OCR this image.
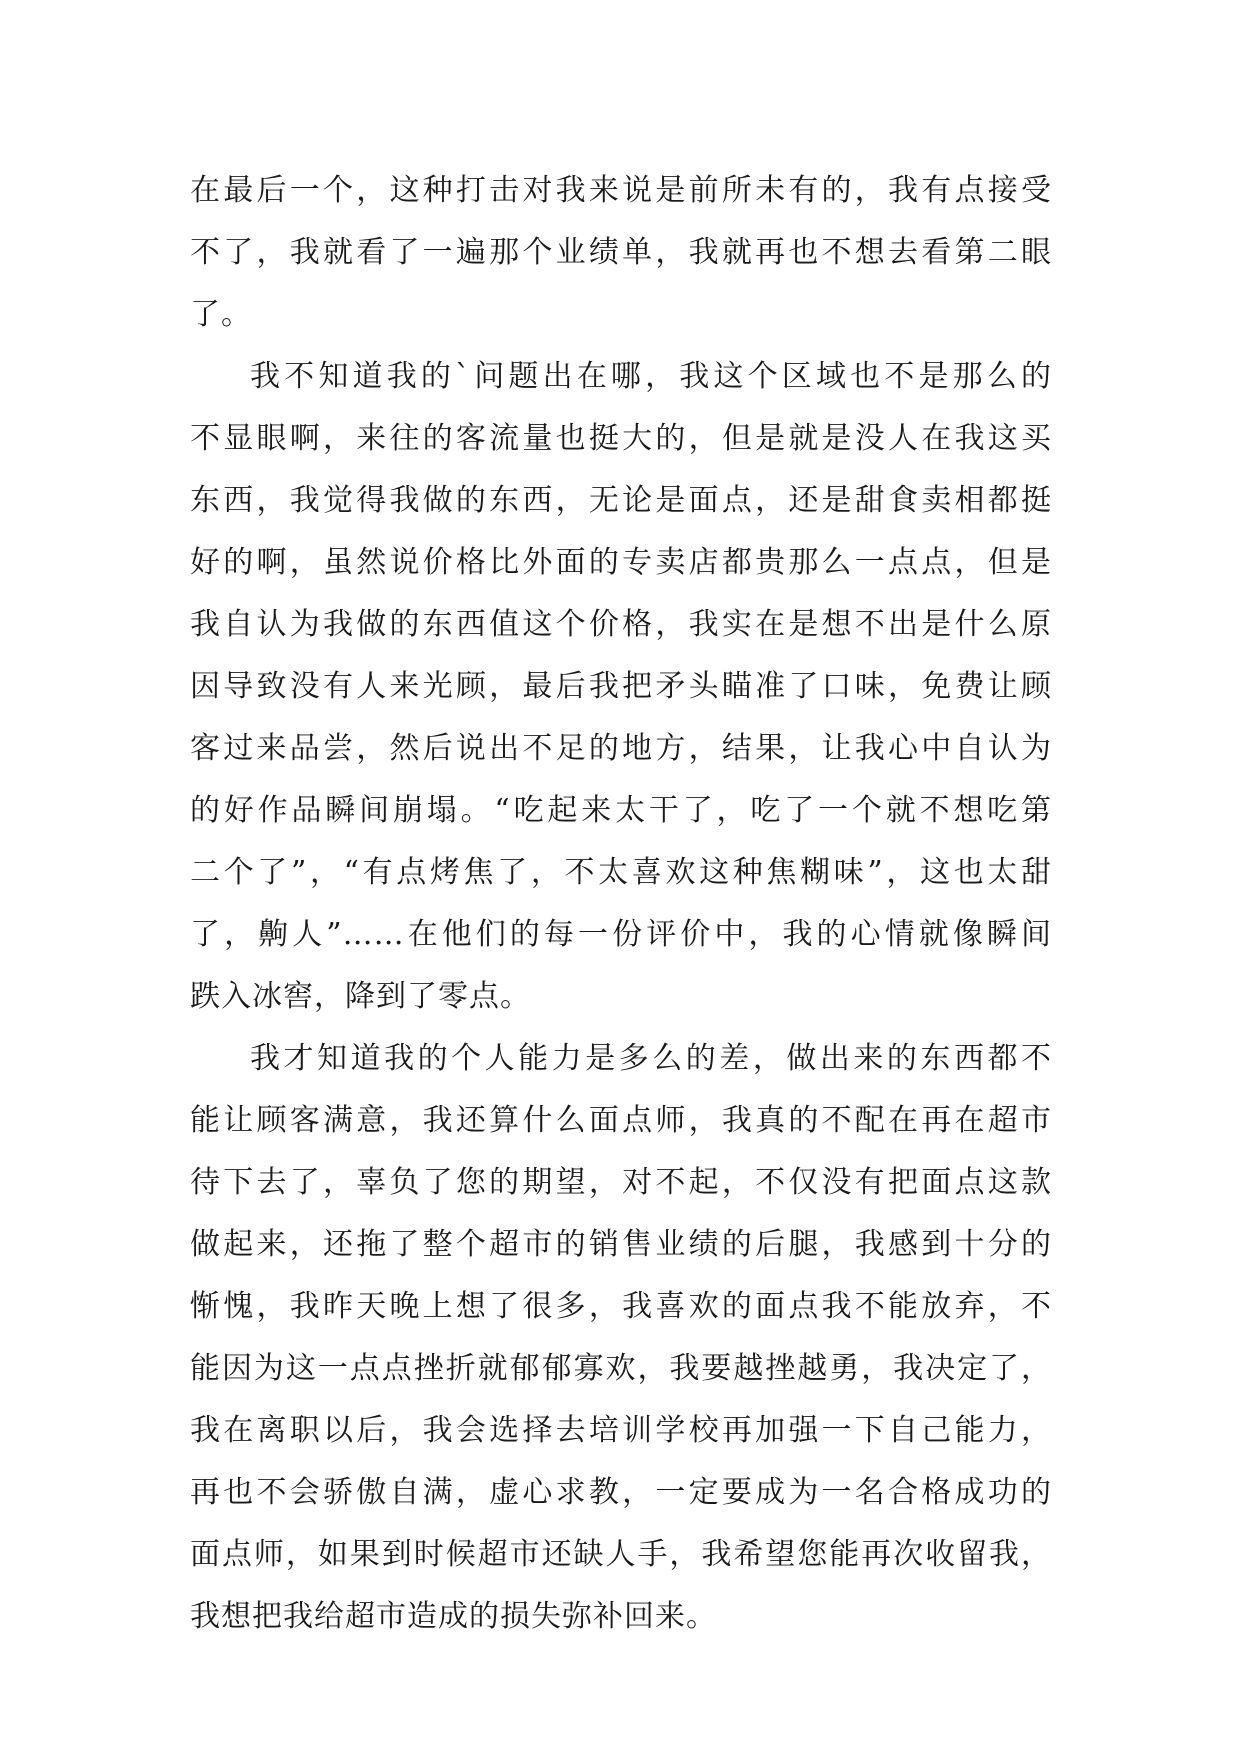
在最后一个，这种打击对我来说是前所未有的，我有点接受
不了，我就看了一遍那个业绩单，我就再也不想去看第二眼
了。
我不知道我的`问题出在哪，我这个区域也不是那么的
不显眼啊，来往的客流量也挺大的，但是就是没人在我这买
东西，我觉得我做的东西，无论是面点，还是甜食卖相都挺
好的啊，虽然说价格比外面的专卖店都贵那么一点点，但是
我自认为我做的东西值这个价格，我实在是想不出是什么原
因导致没有人来光顾，最后我把矛头瞄准了口味，免费让顾
客过来品尝，然后说出不足的地方，结果，让我心中自认为
的好作品瞬间崩塌。“吃起来太干了，吃了一个就不想吃第
二个了”，“有点烤焦了，不太喜欢这种焦糊味”，这也太甜
了，齁人”……在他们的每一份评价中，我的心情就像瞬间
跌入冰窖，降到了零点。
我才知道我的个人能力是多么的差，做出来的东西都不
能让顾客满意，我还算什么面点师，我真的不配在再在超市
待下去了，辜负了您的期望，对不起，不仅没有把面点这款
做起来，还拖了整个超市的销售业绩的后腿，我感到十分的
惭愧，我昨天晚上想了很多，我喜欢的面点我不能放弃，不
能因为这一点点挫折就郁郁寡欢，我要越挫越勇，我决定了，
我在离职以后，我会选择去培训学校再加强一下自己能力，
再也不会骄傲自满，虚心求教，一定要成为一名合格成功的
面点师，如果到时候超市还缺人手，我希望您能再次收留我，
我想把我给超市造成的损失弥补回来。
